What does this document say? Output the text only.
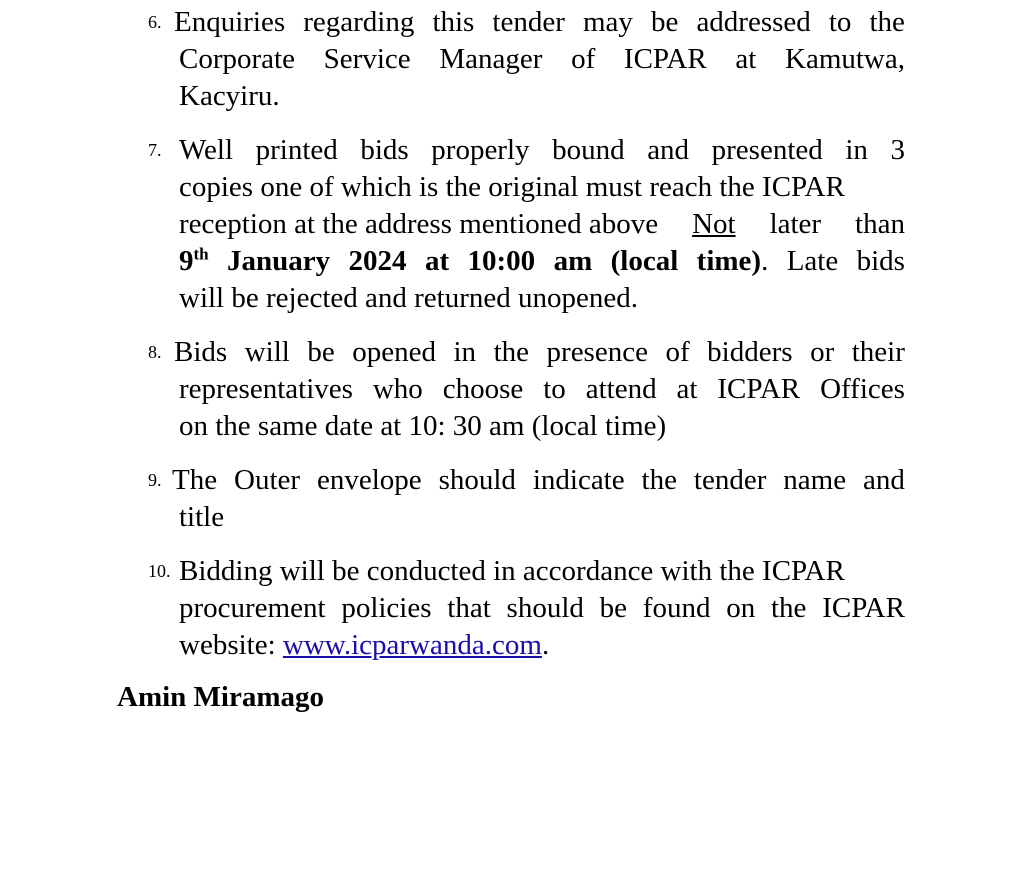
6. Enquiries regarding this tender may be addressed to the
Corporate Service Manager of ICPAR at Kamutwa,
Kacyiru.
7. Well printed bids properly bound and presented in 3
copies one of which is the original must reach the ICPAR
reception at the address mentioned above Not later than
9th January 2024 at 10:00 am (local time). Late bids
will be rejected and returned unopened.
8. Bids will be opened in the presence of bidders or their
representatives who choose to attend at ICPAR Offices
on the same date at 10: 30 am (local time)
9. The Outer envelope should indicate the tender name and
title
10. Bidding will be conducted in accordance with the ICPAR
procurement policies that should be found on the ICPAR
website: www.icparwanda.com.
Amin Miramago
